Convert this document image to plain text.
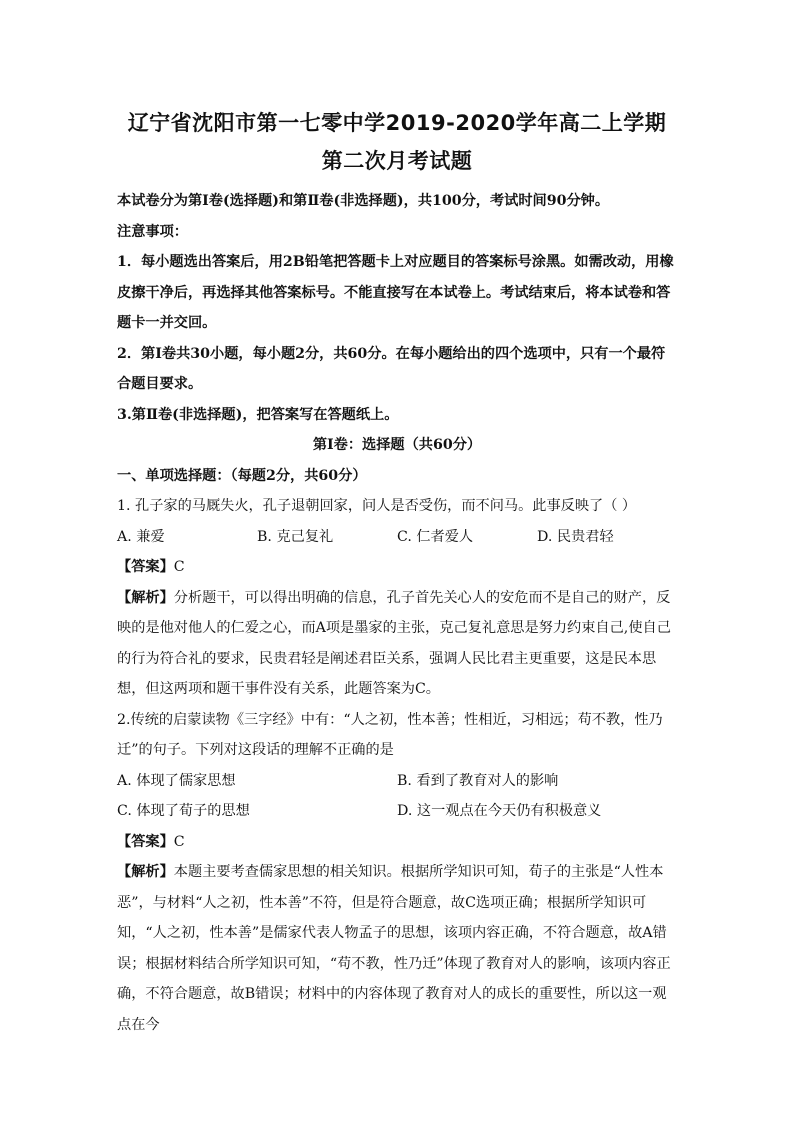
辽宁省沈阳市第一七零中学2019-2020学年高二上学期
第二次月考试题

本试卷分为第Ⅰ卷(选择题)和第Ⅱ卷(非选择题)，共100分，考试时间90分钟。

注意事项：

1．每小题选出答案后，用2B铅笔把答题卡上对应题目的答案标号涂黑。如需改动，用橡皮擦干净后，再选择其他答案标号。不能直接写在本试卷上。考试结束后，将本试卷和答题卡一并交回。

2．第Ⅰ卷共30小题，每小题2分，共60分。在每小题给出的四个选项中，只有一个最符合题目要求。

3.第Ⅱ卷(非选择题)，把答案写在答题纸上。

第Ⅰ卷：选择题（共60分）

一、单项选择题：（每题2分，共60分）

1. 孔子家的马厩失火，孔子退朝回家，问人是否受伤，而不问马。此事反映了（ ）

A. 兼爱	B. 克己复礼	C. 仁者爱人	D. 民贵君轻

【答案】C

【解析】分析题干，可以得出明确的信息，孔子首先关心人的安危而不是自己的财产，反映的是他对他人的仁爱之心，而A项是墨家的主张，克己复礼意思是努力约束自己,使自己的行为符合礼的要求，民贵君轻是阐述君臣关系，强调人民比君主更重要，这是民本思想，但这两项和题干事件没有关系，此题答案为C。

2.传统的启蒙读物《三字经》中有：“人之初，性本善；性相近，习相远；苟不教，性乃迁”的句子。下列对这段话的理解不正确的是

A. 体现了儒家思想	B. 看到了教育对人的影响
C. 体现了荀子的思想	D. 这一观点在今天仍有积极意义

【答案】C

【解析】本题主要考查儒家思想的相关知识。根据所学知识可知，荀子的主张是“人性本恶”，与材料“人之初，性本善”不符，但是符合题意，故C选项正确；根据所学知识可知，“人之初，性本善”是儒家代表人物孟子的思想，该项内容正确，不符合题意，故A错误；根据材料结合所学知识可知，“苟不教，性乃迁”体现了教育对人的影响，该项内容正确，不符合题意，故B错误；材料中的内容体现了教育对人的成长的重要性，所以这一观点在今
